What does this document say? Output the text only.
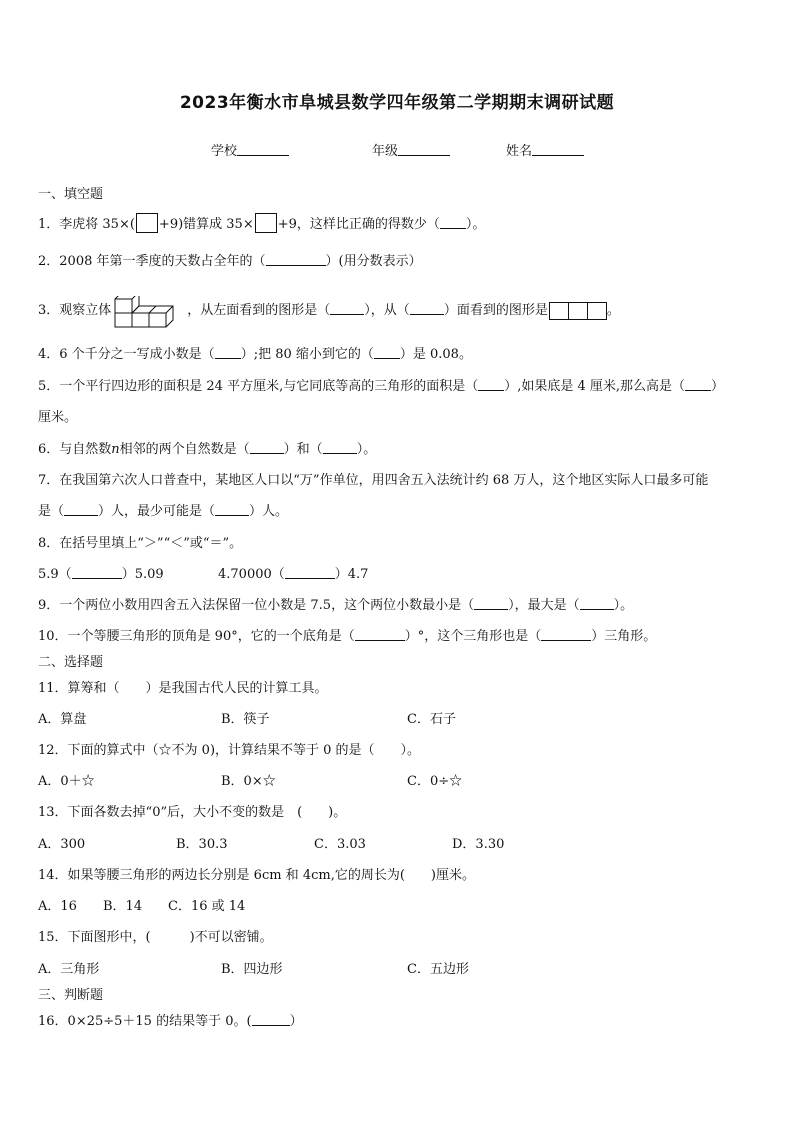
2023年衡水市阜城县数学四年级第二学期期末调研试题
学校	年级	姓名
一、填空题
1．李虎将 35×( +9)错算成 35× +9，这样比正确的得数少（ ）。
2．2008 年第一季度的天数占全年的（	）(用分数表示）
3．观察立体	，从左面看到的图形是（	），从（	）面看到的图形是	。
4．6 个千分之一写成小数是（ ）;把 80 缩小到它的（ ）是 0.08。
5．一个平行四边形的面积是 24 平方厘米,与它同底等高的三角形的面积是（ ）,如果底是 4 厘米,那么高是（ ）
厘米。
6．与自然数n相邻的两个自然数是（	）和（	）。
7．在我国第六次人口普查中，某地区人口以“万”作单位，用四舍五入法统计约 68 万人，这个地区实际人口最多可能
是（	）人，最少可能是（	）人。
8．在括号里填上“＞”“＜”或“＝”。
5.9（	）5.09	4.70000（	）4.7
9．一个两位小数用四舍五入法保留一位小数是 7.5，这个两位小数最小是（	），最大是（	）。
10．一个等腰三角形的顶角是 90°，它的一个底角是（	）°，这个三角形也是（	）三角形。
二、选择题
11．算筹和（　　）是我国古代人民的计算工具。
A．算盘	B．筷子	C．石子
12．下面的算式中（☆不为 0)，计算结果不等于 0 的是（　　）。
A．0＋☆	B．0×☆	C．0÷☆
13．下面各数去掉“0”后，大小不变的数是　(　　)。
A．300	B．30.3	C．3.03	D．3.30
14．如果等腰三角形的两边长分别是 6cm 和 4cm,它的周长为(　　)厘米。
A．16 B．14 C．16 或 14
15．下面图形中，(　　　)不可以密铺。
A．三角形	B．四边形	C．五边形
三、判断题
16．0×25÷5＋15 的结果等于 0。(	）
